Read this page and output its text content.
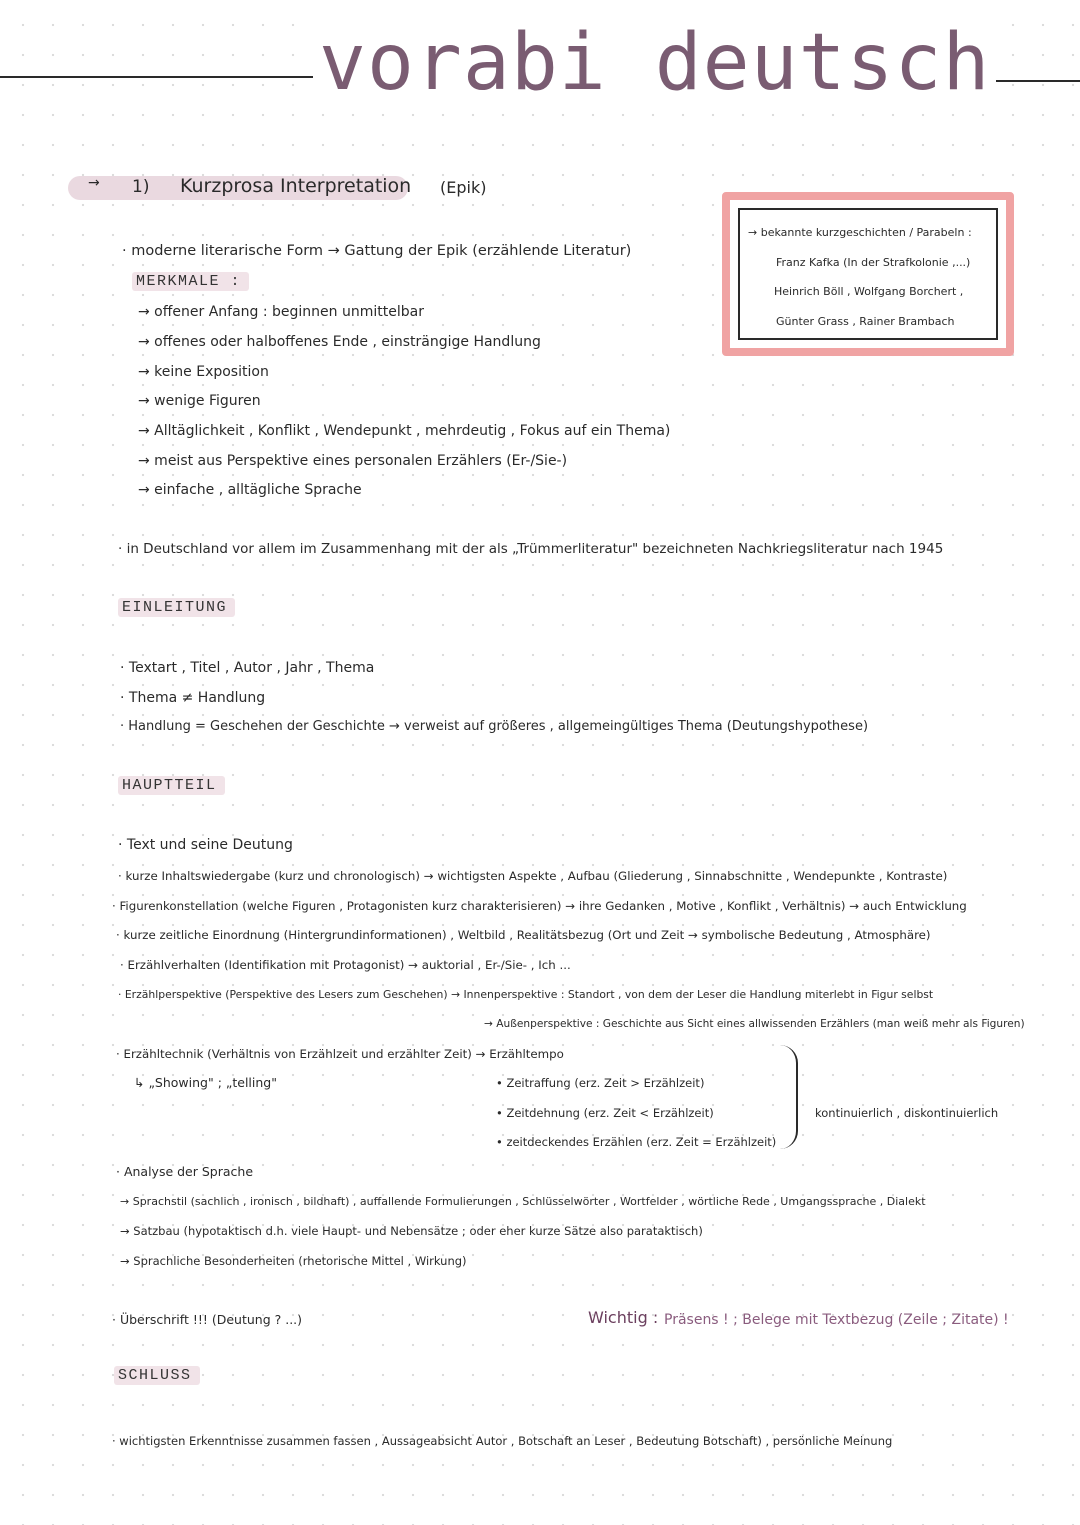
vorabi deutsch
→ 1) Kurzprosa Interpretation (Epik)
→ bekannte kurzgeschichten / Parabeln :
Franz Kafka (In der Strafkolonie ,...)
Heinrich Böll , Wolfgang Borchert ,
Günter Grass , Rainer Brambach
· moderne literarische Form → Gattung der Epik (erzählende Literatur)
MERKMALE :
→ offener Anfang : beginnen unmittelbar
→ offenes oder halboffenes Ende , einsträngige Handlung
→ keine Exposition
→ wenige Figuren
→ Alltäglichkeit , Konflikt , Wendepunkt , mehrdeutig , Fokus auf ein Thema)
→ meist aus Perspektive eines personalen Erzählers (Er-/Sie-)
→ einfache , alltägliche Sprache
· in Deutschland vor allem im Zusammenhang mit der als „Trümmerliteratur" bezeichneten Nachkriegsliteratur nach 1945
EINLEITUNG
· Textart , Titel , Autor , Jahr , Thema
· Thema ≠ Handlung
· Handlung = Geschehen der Geschichte → verweist auf größeres , allgemeingültiges Thema (Deutungshypothese)
HAUPTTEIL
· Text und seine Deutung
· kurze Inhaltswiedergabe (kurz und chronologisch) → wichtigsten Aspekte , Aufbau (Gliederung , Sinnabschnitte , Wendepunkte , Kontraste)
· Figurenkonstellation (welche Figuren , Protagonisten kurz charakterisieren) → ihre Gedanken , Motive , Konflikt , Verhältnis) → auch Entwicklung
· kurze zeitliche Einordnung (Hintergrundinformationen) , Weltbild , Realitätsbezug (Ort und Zeit → symbolische Bedeutung , Atmosphäre)
· Erzählverhalten (Identifikation mit Protagonist) → auktorial , Er-/Sie- , Ich ...
· Erzählperspektive (Perspektive des Lesers zum Geschehen) → Innenperspektive : Standort , von dem der Leser die Handlung miterlebt in Figur selbst
→ Außenperspektive : Geschichte aus Sicht eines allwissenden Erzählers (man weiß mehr als Figuren)
· Erzähltechnik (Verhältnis von Erzählzeit und erzählter Zeit) → Erzähltempo
↳ „Showing" ; „telling"	• Zeitraffung (erz. Zeit > Erzählzeit)
• Zeitdehnung (erz. Zeit < Erzählzeit)
• zeitdeckendes Erzählen (erz. Zeit = Erzählzeit)
kontinuierlich , diskontinuierlich
· Analyse der Sprache
→ Sprachstil (sachlich , ironisch , bildhaft) , auffallende Formulierungen , Schlüsselwörter , Wortfelder , wörtliche Rede , Umgangssprache , Dialekt
→ Satzbau (hypotaktisch d.h. viele Haupt- und Nebensätze ; oder eher kurze Sätze also parataktisch)
→ Sprachliche Besonderheiten (rhetorische Mittel , Wirkung)
· Überschrift !!! (Deutung ? ...)	Wichtig : Präsens ! ; Belege mit Textbezug (Zeile ; Zitate) !
SCHLUSS
· wichtigsten Erkenntnisse zusammen fassen , Aussageabsicht Autor , Botschaft an Leser , Bedeutung Botschaft) , persönliche Meinung
